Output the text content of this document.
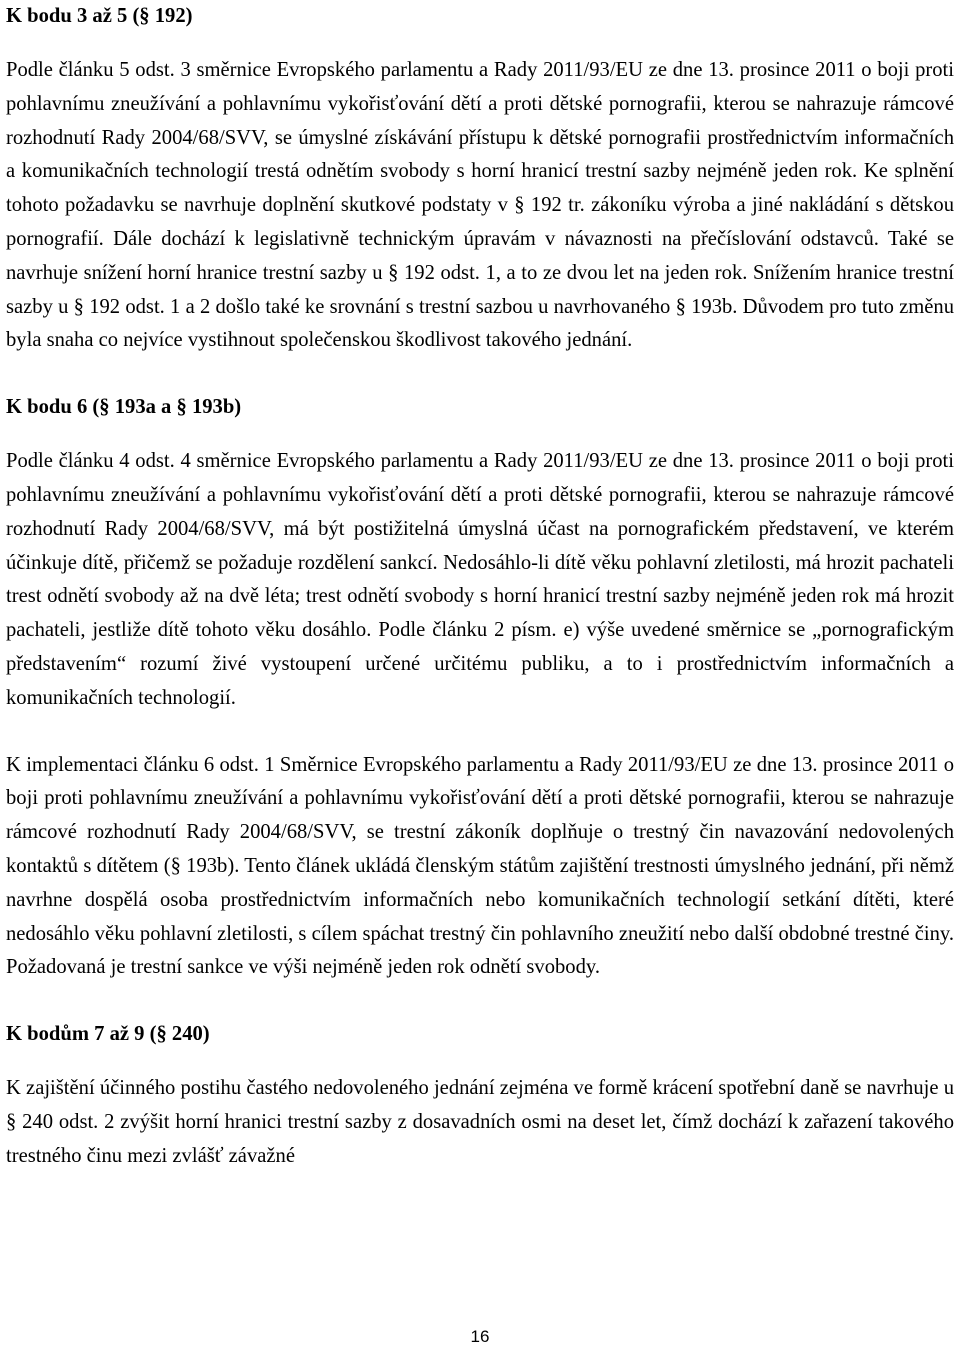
K bodu 3 až 5 (§ 192)

Podle článku 5 odst. 3 směrnice Evropského parlamentu a Rady 2011/93/EU ze dne 13. prosince 2011 o boji proti pohlavnímu zneužívání a pohlavnímu vykořisťování dětí a proti dětské pornografii, kterou se nahrazuje rámcové rozhodnutí Rady 2004/68/SVV, se úmyslné získávání přístupu k dětské pornografii prostřednictvím informačních a komunikačních technologií trestá odnětím svobody s horní hranicí trestní sazby nejméně jeden rok. Ke splnění tohoto požadavku se navrhuje doplnění skutkové podstaty v § 192 tr. zákoníku výroba a jiné nakládání s dětskou pornografií. Dále dochází k legislativně technickým úpravám v návaznosti na přečíslování odstavců. Také se navrhuje snížení horní hranice trestní sazby u § 192 odst. 1, a to ze dvou let na jeden rok. Snížením hranice trestní sazby u § 192 odst. 1 a 2 došlo také ke srovnání s trestní sazbou u navrhovaného § 193b. Důvodem pro tuto změnu byla snaha co nejvíce vystihnout společenskou škodlivost takového jednání.

K bodu 6 (§ 193a a § 193b)

Podle článku 4 odst. 4 směrnice Evropského parlamentu a Rady 2011/93/EU ze dne 13. prosince 2011 o boji proti pohlavnímu zneužívání a pohlavnímu vykořisťování dětí a proti dětské pornografii, kterou se nahrazuje rámcové rozhodnutí Rady 2004/68/SVV, má být postižitelná úmyslná účast na pornografickém představení, ve kterém účinkuje dítě, přičemž se požaduje rozdělení sankcí. Nedosáhlo-li dítě věku pohlavní zletilosti, má hrozit pachateli trest odnětí svobody až na dvě léta; trest odnětí svobody s horní hranicí trestní sazby nejméně jeden rok má hrozit pachateli, jestliže dítě tohoto věku dosáhlo. Podle článku 2 písm. e) výše uvedené směrnice se „pornografickým představením“ rozumí živé vystoupení určené určitému publiku, a to i prostřednictvím informačních a komunikačních technologií.

K implementaci článku 6 odst. 1 Směrnice Evropského parlamentu a Rady 2011/93/EU ze dne 13. prosince 2011 o boji proti pohlavnímu zneužívání a pohlavnímu vykořisťování dětí a proti dětské pornografii, kterou se nahrazuje rámcové rozhodnutí Rady 2004/68/SVV, se trestní zákoník doplňuje o trestný čin navazování nedovolených kontaktů s dítětem (§ 193b). Tento článek ukládá členským státům zajištění trestnosti úmyslného jednání, při němž navrhne dospělá osoba prostřednictvím informačních nebo komunikačních technologií setkání dítěti, které nedosáhlo věku pohlavní zletilosti, s cílem spáchat trestný čin pohlavního zneužití nebo další obdobné trestné činy. Požadovaná je trestní sankce ve výši nejméně jeden rok odnětí svobody.

K bodům 7 až 9 (§ 240)

K zajištění účinného postihu častého nedovoleného jednání zejména ve formě krácení spotřební daně se navrhuje u § 240 odst. 2 zvýšit horní hranici trestní sazby z dosavadních osmi na deset let, čímž dochází k zařazení takového trestného činu mezi zvlášť závažné

16
